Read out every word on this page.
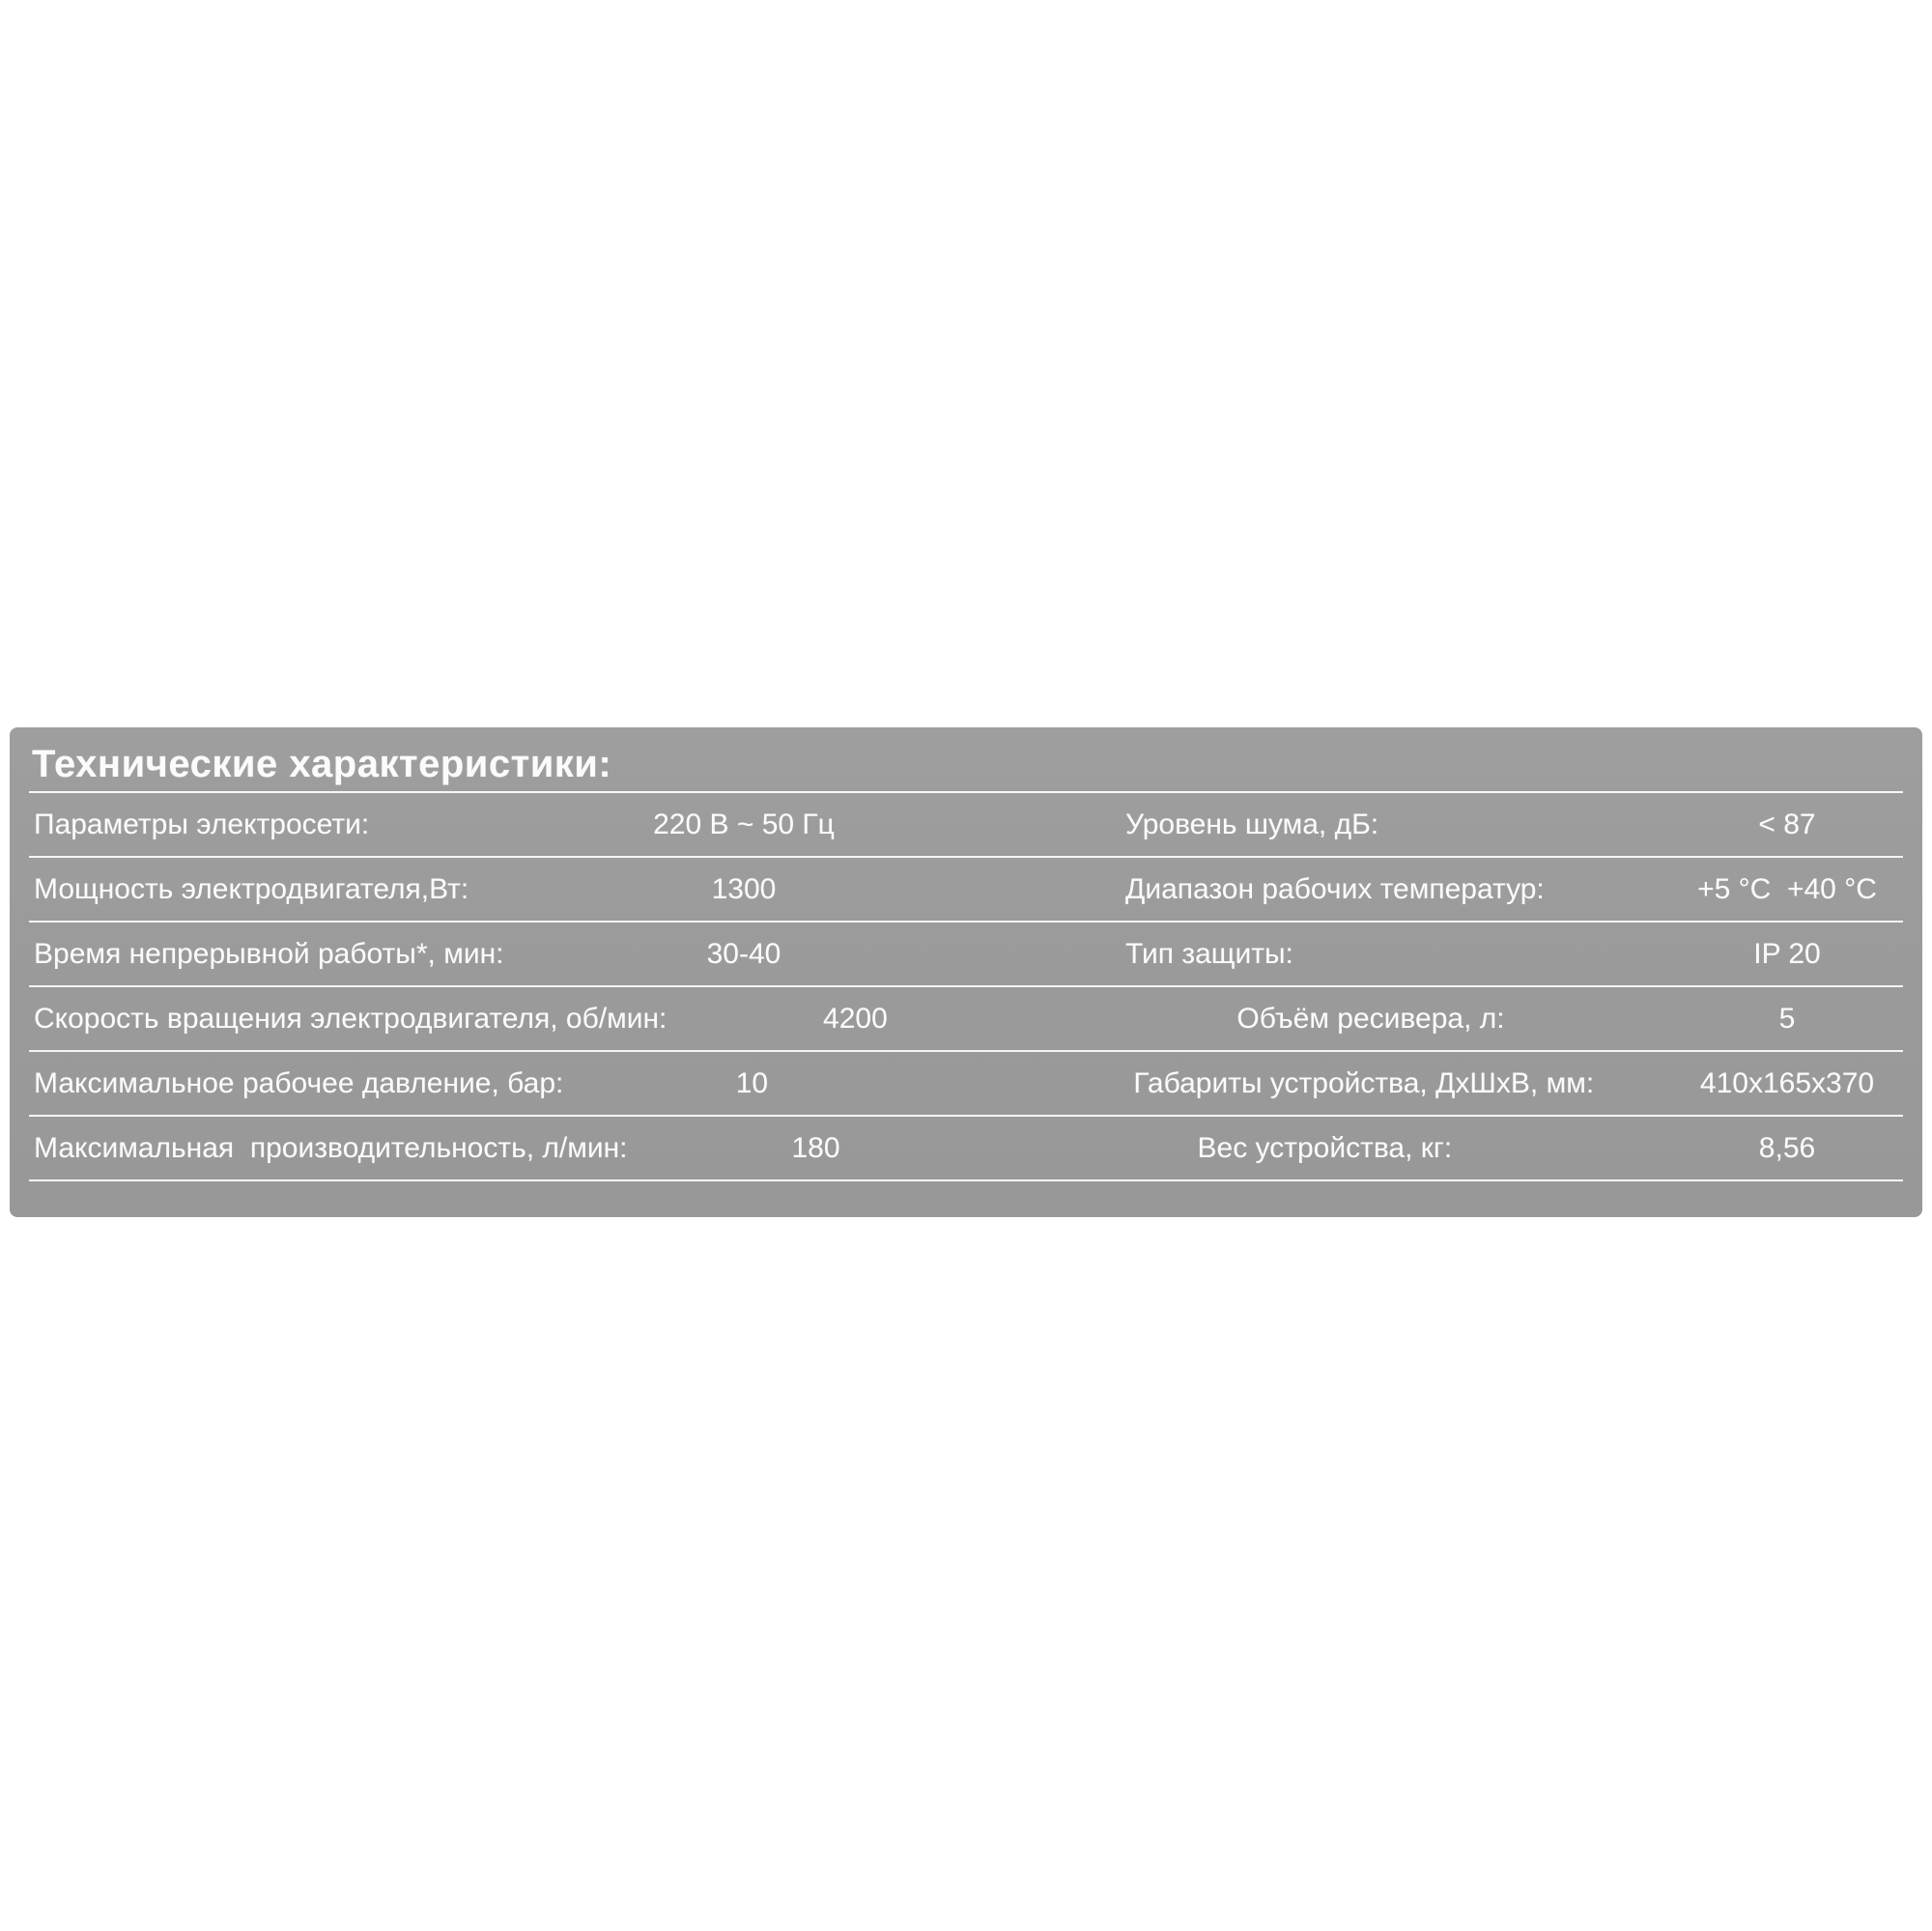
Технические характеристики:
Параметры электросети:	220 В ~ 50 Гц	Уровень шума, дБ:	< 87
Мощность электродвигателя,Вт:	1300	Диапазон рабочих температур:	+5 °C  +40 °C
Время непрерывной работы*, мин:	30-40	Тип защиты:	IP 20
Скорость вращения электродвигателя, об/мин:	4200	Объём ресивера, л:	5
Максимальное рабочее давление, бар:	10	Габариты устройства, ДхШхВ, мм:	410х165х370
Максимальная  производительность, л/мин:	180	Вес устройства, кг:	8,56
